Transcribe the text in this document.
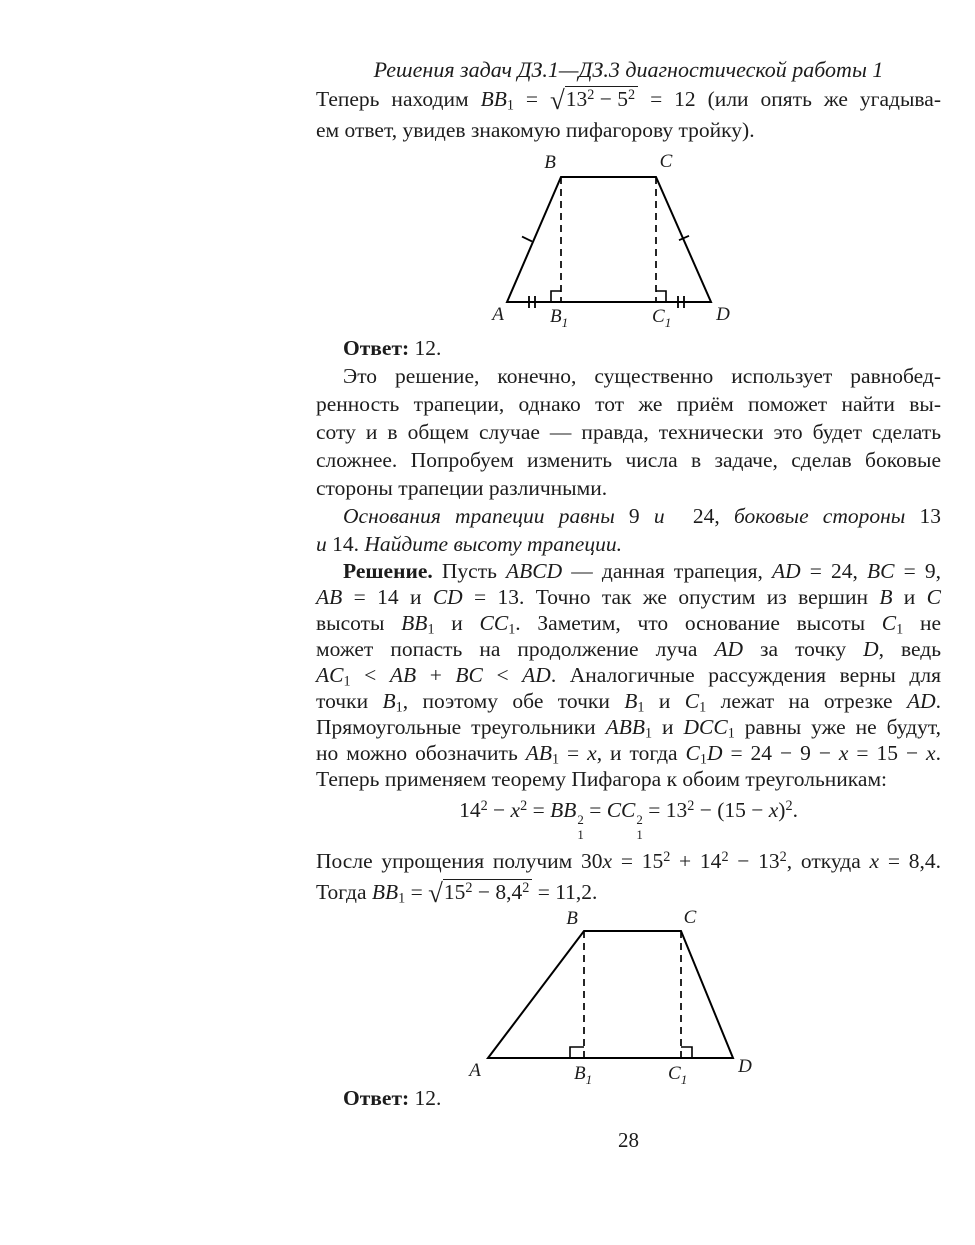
Решения задач ДЗ.1—ДЗ.3 диагностической работы 1

Теперь находим $BB_1 = √13^2 - 5^2 = 12$ (или опять же угадыва-
ем ответ, увидев знакомую пифагорову тройку).

B	C
A	D
$B_1$	$C_1$

Ответ: 12.

Это решение, конечно, существенно использует равнобед-
ренность трапеции, однако тот же приём поможет найти вы-
соту и в общем случае — правда, технически это будет сделать
сложнее. Попробуем изменить числа в задаче, сделав боковые
стороны трапеции различными.

Основания трапеции равны 9 и  24, боковые стороны 13
и 14. Найдите высоту трапеции.

Решение. Пусть ABCD — данная трапеция, AD = 24, BC = 9,
AB = 14 и CD = 13. Точно так же опустим из вершин B и C
высоты $BB_1$ и $CC_1$. Заметим, что основание высоты $C_1$ не
может попасть на продолжение луча AD за точку D, ведь
$AC_1$ < AB + BC < AD. Аналогичные рассуждения верны для
точки $B_1$, поэтому обе точки $B_1$ и $C_1$ лежат на отрезке AD.
Прямоугольные треугольники $ABB_1$ и $DCC_1$ равны уже не будут,
но можно обозначить $AB_1 = x$, и тогда $C_1D = 24 - 9 - x = 15 - x$.
Теперь применяем теорему Пифагора к обоим треугольникам:

$14^2 - x^2$ = BB 2
1
= CC 2
1
= $13^2 - (15 - x)^2$.

После упрощения получим $30x = 15^2 + 14^2 - 13^2$, откуда x = 8,4.
Тогда $BB_1 = √15^2 - 8,4^2 = 11,2$.

B	C
A	D
$B_1$	$C_1$

Ответ: 12.

28
